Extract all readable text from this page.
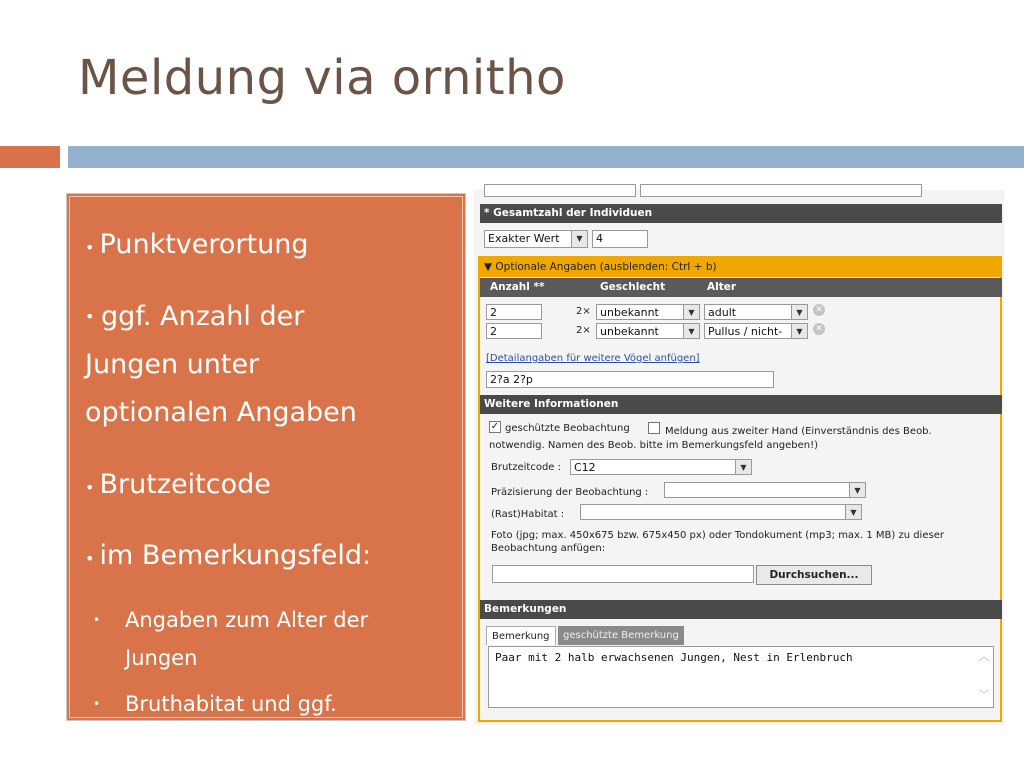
Meldung via ornitho
• Punktverortung
• ggf. Anzahl der
Jungen unter
optionalen Angaben
• Brutzeitcode
• im Bemerkungsfeld:
• Angaben zum Alter der
Jungen
• Bruthabitat und ggf.
* Gesamtzahl der Individuen
Exakter Wert	▼	4
▼ Optionale Angaben (ausblenden: Ctrl + b)
Anzahl **	Geschlecht	Alter
2	2× unbekannt	▼	adult	▼	✕
2	2× unbekannt	▼	Pullus / nicht-	▼	✕
[Detailangaben für weitere Vögel anfügen]
2?a 2?p
Weitere Informationen
✓ geschützte Beobachtung	Meldung aus zweiter Hand (Einverständnis des Beob.
notwendig. Namen des Beob. bitte im Bemerkungsfeld angeben!)
Brutzeitcode :	C12	▼
Präzisierung der Beobachtung :	▼
(Rast)Habitat :	▼
Foto (jpg; max. 450x675 bzw. 675x450 px) oder Tondokument (mp3; max. 1 MB) zu dieser
Beobachtung anfügen:
Durchsuchen...
Bemerkungen
Bemerkung	geschützte Bemerkung
Paar mit 2 halb erwachsenen Jungen, Nest in Erlenbruch	︿
﹀
